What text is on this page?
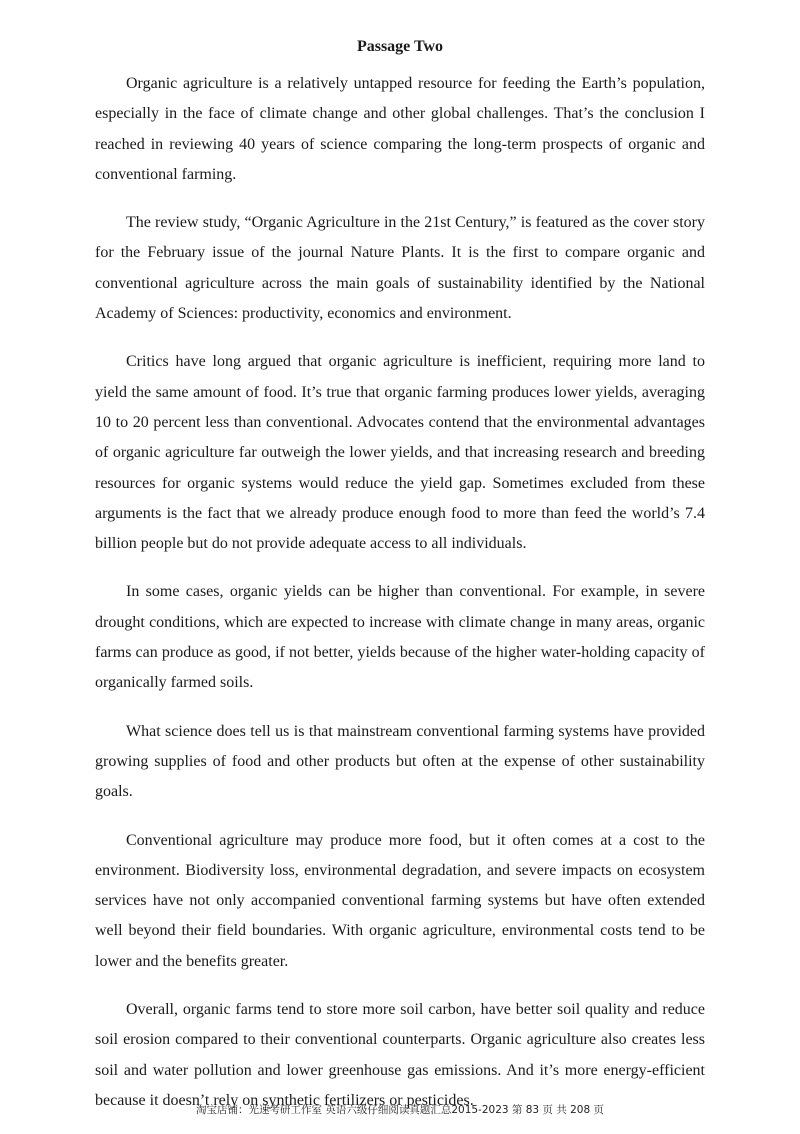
Passage Two

Organic agriculture is a relatively untapped resource for feeding the Earth’s population, especially in the face of climate change and other global challenges. That’s the conclusion I reached in reviewing 40 years of science comparing the long-term prospects of organic and conventional farming.

The review study, “Organic Agriculture in the 21st Century,” is featured as the cover story for the February issue of the journal Nature Plants. It is the first to compare organic and conventional agriculture across the main goals of sustainability identified by the National Academy of Sciences: productivity, economics and environment.

Critics have long argued that organic agriculture is inefficient, requiring more land to yield the same amount of food. It’s true that organic farming produces lower yields, averaging 10 to 20 percent less than conventional. Advocates contend that the environmental advantages of organic agriculture far outweigh the lower yields, and that increasing research and breeding resources for organic systems would reduce the yield gap. Sometimes excluded from these arguments is the fact that we already produce enough food to more than feed the world’s 7.4 billion people but do not provide adequate access to all individuals.

In some cases, organic yields can be higher than conventional. For example, in severe drought conditions, which are expected to increase with climate change in many areas, organic farms can produce as good, if not better, yields because of the higher water-holding capacity of organically farmed soils.

What science does tell us is that mainstream conventional farming systems have provided growing supplies of food and other products but often at the expense of other sustainability goals.

Conventional agriculture may produce more food, but it often comes at a cost to the environment. Biodiversity loss, environmental degradation, and severe impacts on ecosystem services have not only accompanied conventional farming systems but have often extended well beyond their field boundaries. With organic agriculture, environmental costs tend to be lower and the benefits greater.

Overall, organic farms tend to store more soil carbon, have better soil quality and reduce soil erosion compared to their conventional counterparts. Organic agriculture also creates less soil and water pollution and lower greenhouse gas emissions. And it’s more energy-efficient because it doesn’t rely on synthetic fertilizers or pesticides.

淘宝店铺：光速考研工作室 英语六级仔细阅读真题汇总2015-2023 第 83 页 共 208 页
